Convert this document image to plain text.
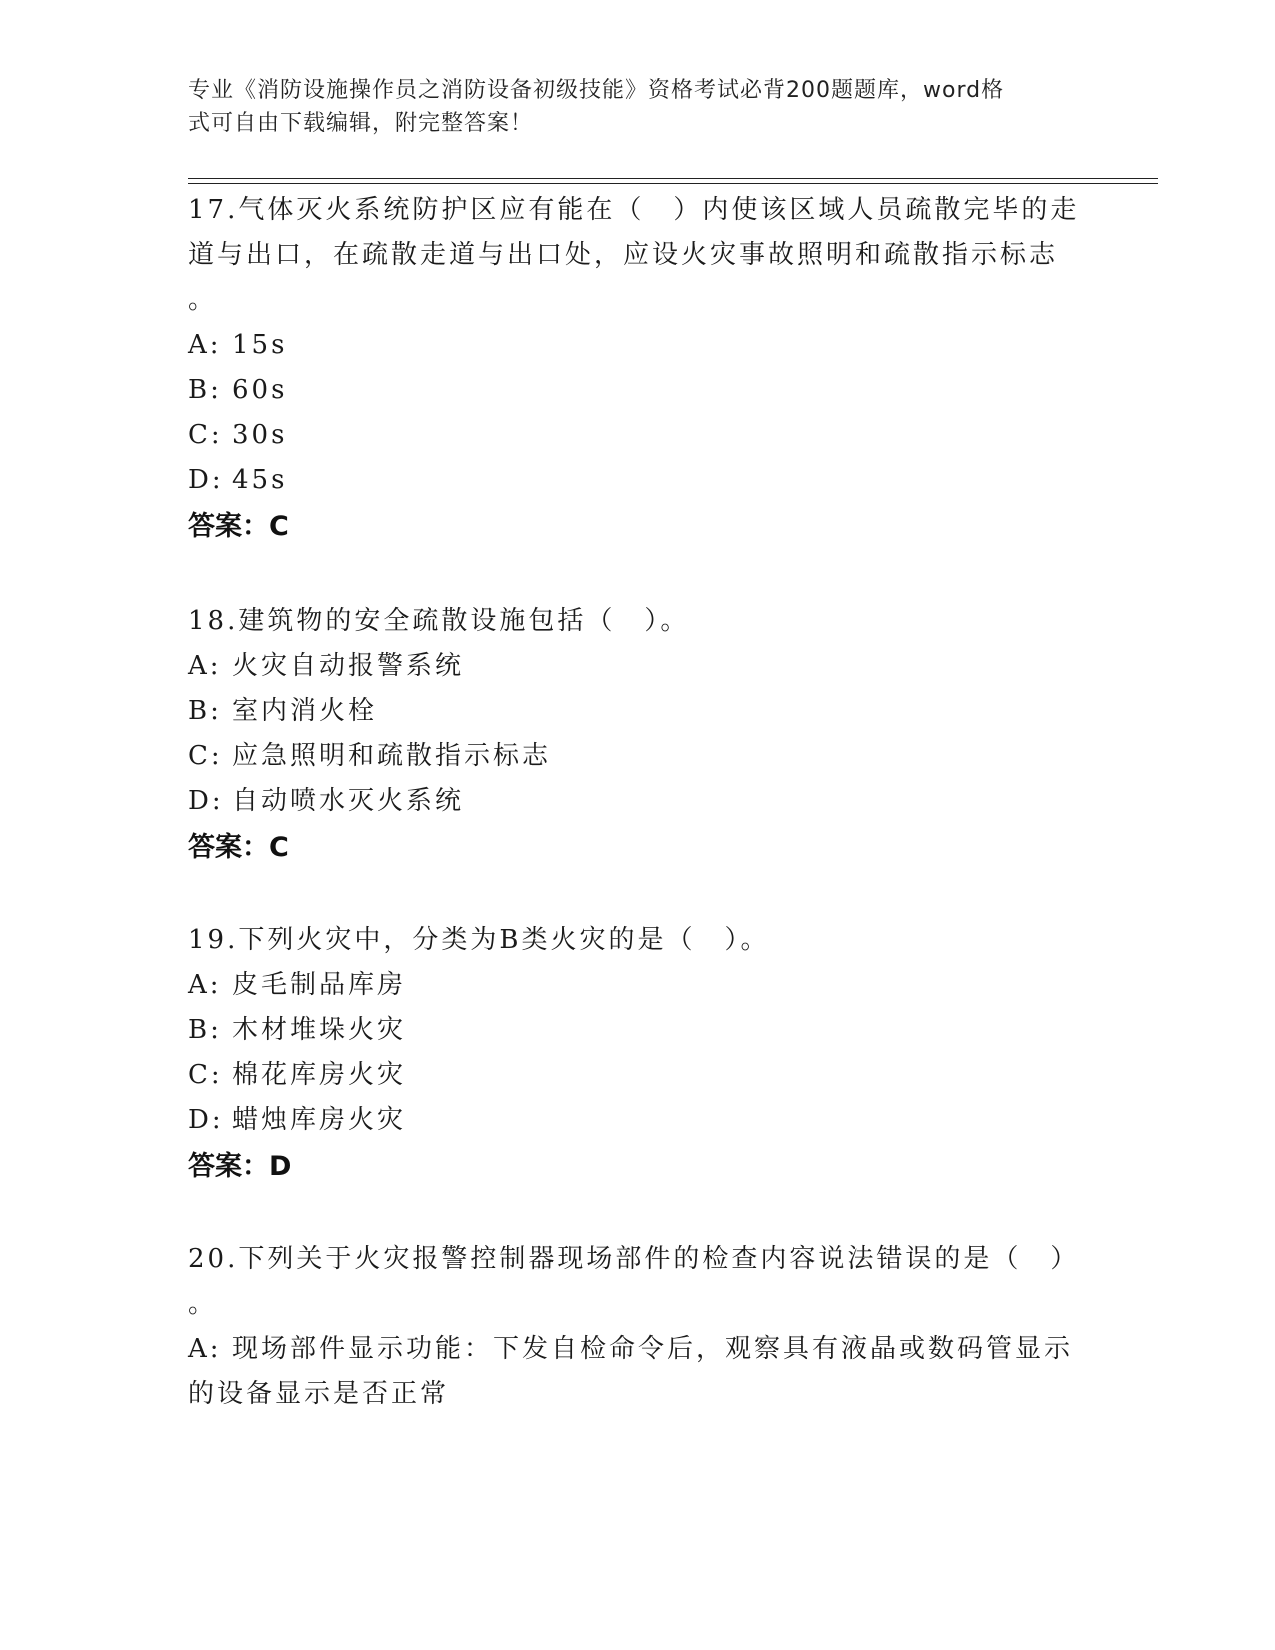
专业《消防设施操作员之消防设备初级技能》资格考试必背200题题库，word格
式可自由下载编辑，附完整答案！
17.气体灭火系统防护区应有能在（　）内使该区域人员疏散完毕的走
道与出口，在疏散走道与出口处，应设火灾事故照明和疏散指示标志
。
A: 15s
B: 60s
C: 30s
D: 45s
答案：C
18.建筑物的安全疏散设施包括（　）。
A: 火灾自动报警系统
B: 室内消火栓
C: 应急照明和疏散指示标志
D: 自动喷水灭火系统
答案：C
19.下列火灾中，分类为B类火灾的是（　）。
A: 皮毛制品库房
B: 木材堆垛火灾
C: 棉花库房火灾
D: 蜡烛库房火灾
答案：D
20.下列关于火灾报警控制器现场部件的检查内容说法错误的是（　）
。
A: 现场部件显示功能：下发自检命令后，观察具有液晶或数码管显示
的设备显示是否正常
